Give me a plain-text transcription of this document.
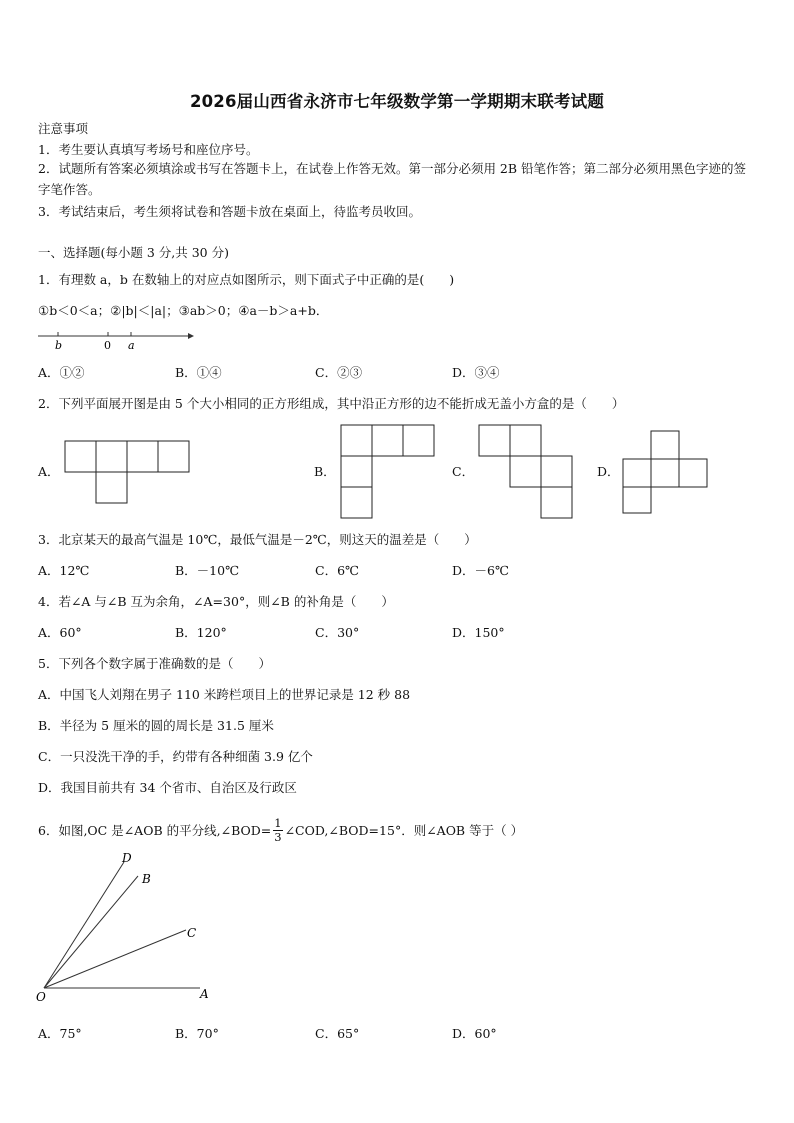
2026届山西省永济市七年级数学第一学期期末联考试题
注意事项
1．考生要认真填写考场号和座位序号。
2．试题所有答案必须填涂或书写在答题卡上，在试卷上作答无效。第一部分必须用 2B 铅笔作答；第二部分必须用黑色字迹的签字笔作答。
3．考试结束后，考生须将试卷和答题卡放在桌面上，待监考员收回。
一、选择题(每小题 3 分,共 30 分)
1．有理数 a，b 在数轴上的对应点如图所示，则下面式子中正确的是(　　)
①b＜0＜a；②|b|＜|a|；③ab＞0；④a－b＞a+b．
b	0 a
A．①②	B．①④	C．②③	D．③④
2．下列平面展开图是由 5 个大小相同的正方形组成，其中沿正方形的边不能折成无盖小方盒的是（　　）
A．	B．	C．	D．
3．北京某天的最高气温是 10℃，最低气温是－2℃，则这天的温差是（　　）
A．12℃	B．－10℃	C．6℃	D．－6℃
4．若∠A 与∠B 互为余角，∠A=30°，则∠B 的补角是（　　）
A．60°	B．120°	C．30°	D．150°
5．下列各个数字属于准确数的是（　　）
A．中国飞人刘翔在男子 110 米跨栏项目上的世界记录是 12 秒 88
B．半径为 5 厘米的圆的周长是 31.5 厘米
C．一只没洗干净的手，约带有各种细菌 3.9 亿个
D．我国目前共有 34 个省市、自治区及行政区
6．如图,OC 是∠AOB 的平分线,∠BOD= $\frac{1}{3}$ ∠COD,∠BOD=15°．则∠AOB 等于（ ）
D
B
C
O	A
A．75°	B．70°	C．65°	D．60°
